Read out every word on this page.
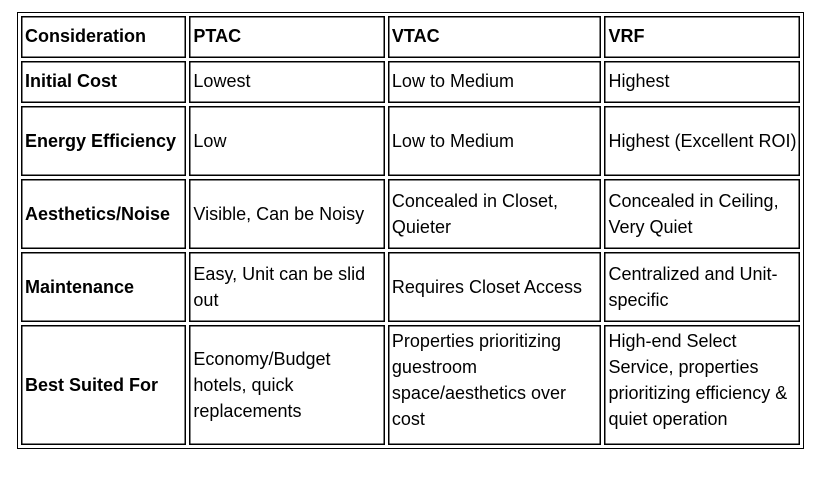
Consideration	PTAC	VTAC	VRF
Initial Cost	Lowest	Low to Medium	Highest
Energy Efficiency	Low	Low to Medium	Highest (Excellent ROI)
Aesthetics/Noise	Visible, Can be Noisy	Concealed in Closet, Quieter	Concealed in Ceiling, Very Quiet
Maintenance	Easy, Unit can be slid out	Requires Closet Access	Centralized and Unit-specific
Best Suited For	Economy/Budget hotels, quick replacements	Properties prioritizing guestroom space/aesthetics over cost	High-end Select Service, properties prioritizing efficiency & quiet operation
